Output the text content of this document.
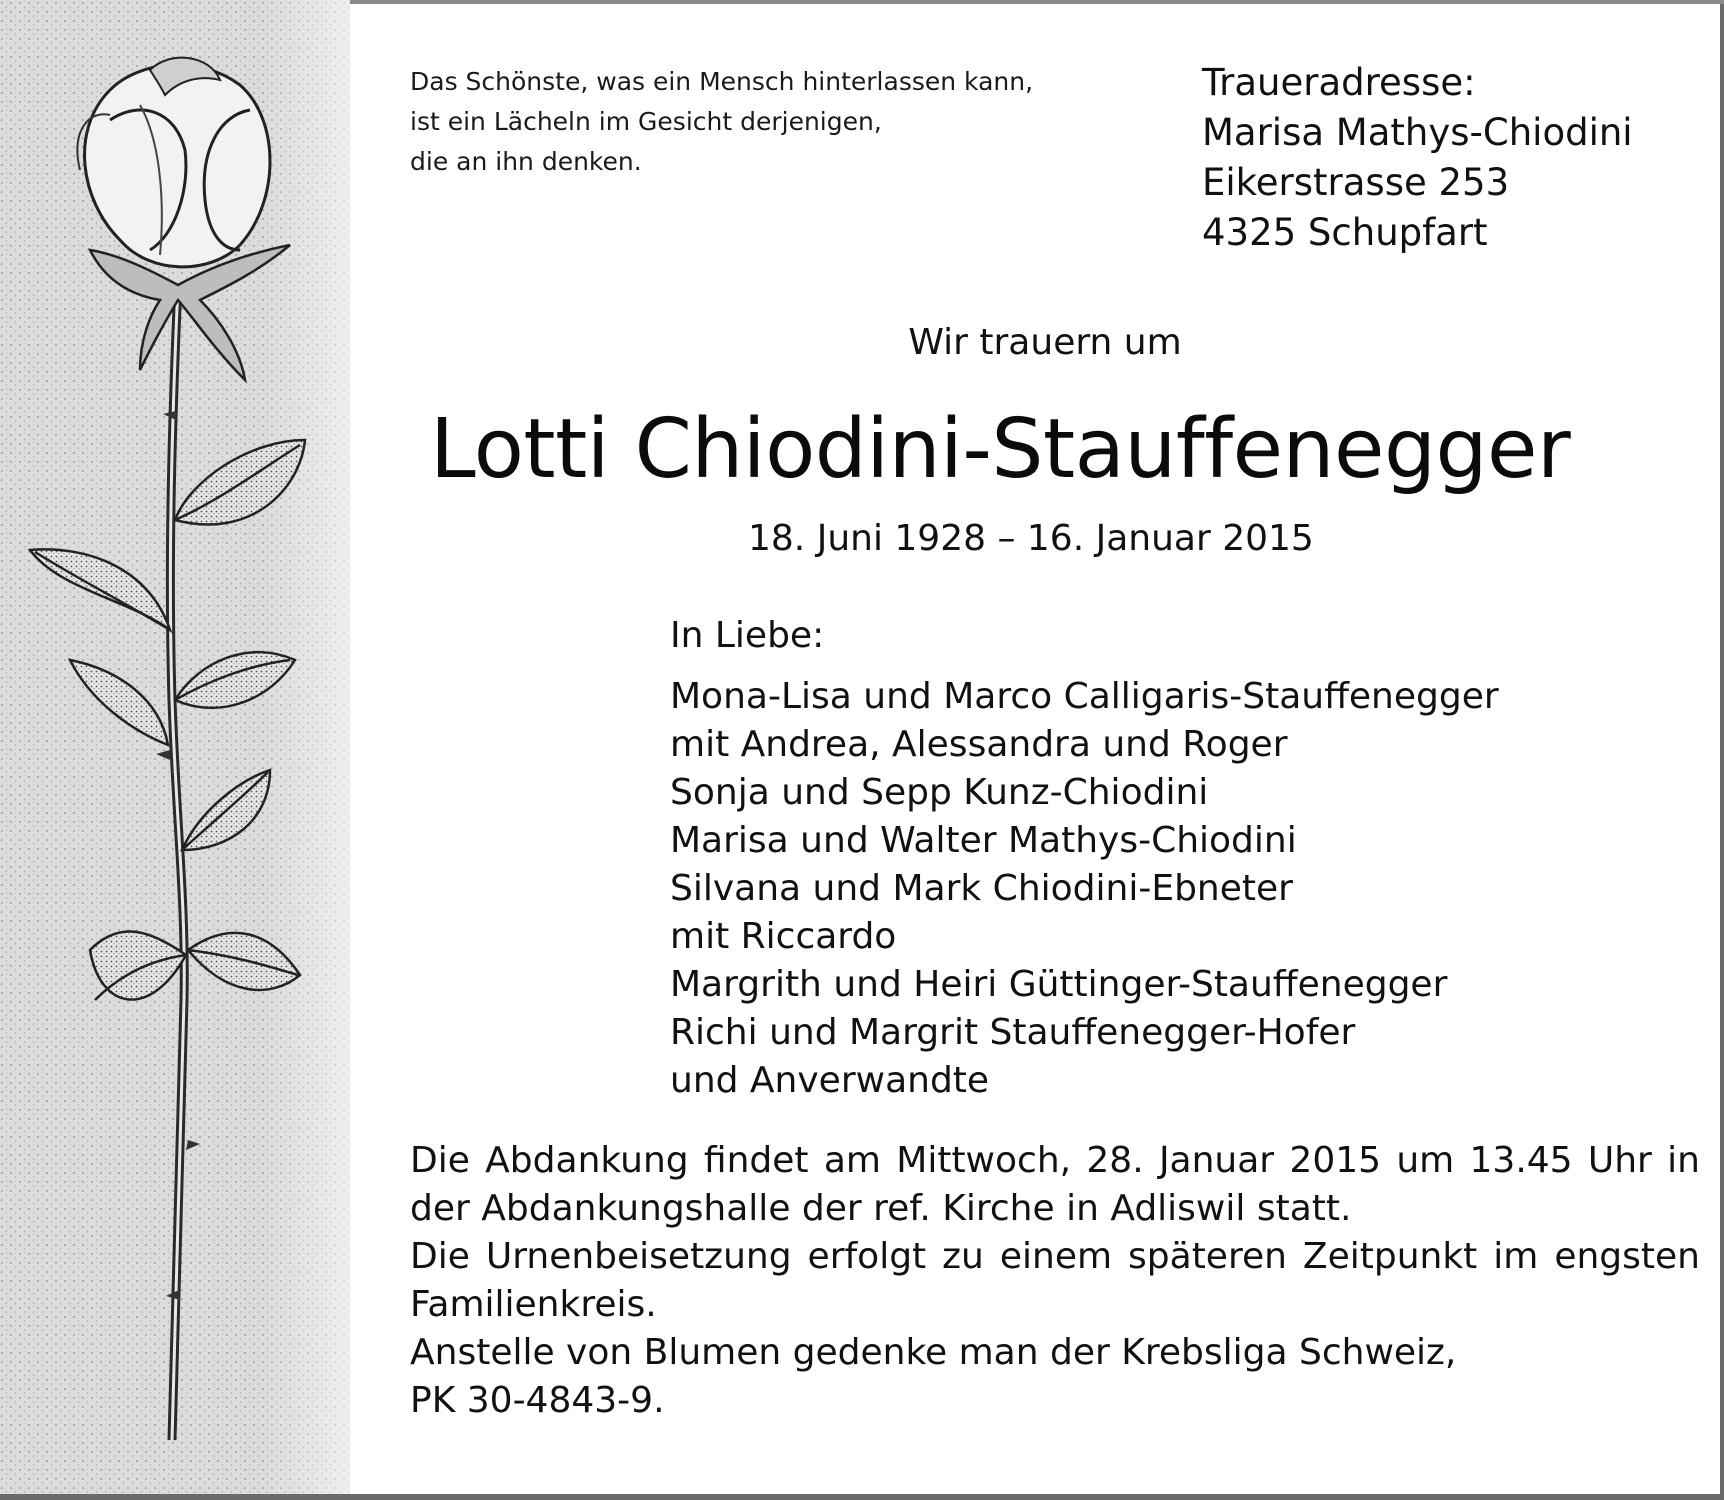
Das Schönste, was ein Mensch hinterlassen kann,
ist ein Lächeln im Gesicht derjenigen,
die an ihn denken.
Traueradresse:
Marisa Mathys-Chiodini
Eikerstrasse 253
4325 Schupfart
Wir trauern um
Lotti Chiodini-Stauffenegger
18. Juni 1928 – 16. Januar 2015
In Liebe:
Mona-Lisa und Marco Calligaris-Stauffenegger
mit Andrea, Alessandra und Roger
Sonja und Sepp Kunz-Chiodini
Marisa und Walter Mathys-Chiodini
Silvana und Mark Chiodini-Ebneter
mit Riccardo
Margrith und Heiri Güttinger-Stauffenegger
Richi und Margrit Stauffenegger-Hofer
und Anverwandte
Die Abdankung findet am Mittwoch, 28. Januar 2015 um 13.45 Uhr in
der Abdankungshalle der ref. Kirche in Adliswil statt.
Die Urnenbeisetzung erfolgt zu einem späteren Zeitpunkt im engsten
Familienkreis.
Anstelle von Blumen gedenke man der Krebsliga Schweiz,
PK 30-4843-9.
